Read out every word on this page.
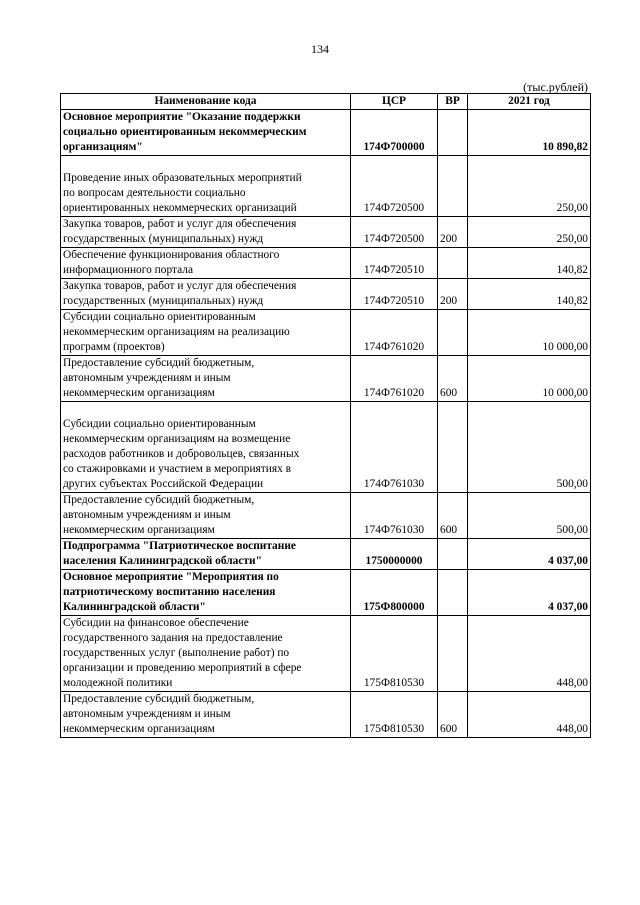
134
(тыс.рублей)
Наименование кода	ЦСР	ВР	2021 год

Основное мероприятие "Оказание поддержки
социально ориентированным некоммерческим
организациям"	174Ф700000		10 890,82

Проведение иных образовательных мероприятий
по вопросам деятельности социально
ориентированных некоммерческих организаций	174Ф720500		250,00

Закупка товаров, работ и услуг для обеспечения
государственных (муниципальных) нужд	174Ф720500	200	250,00

Обеспечение функционирования областного
информационного портала	174Ф720510		140,82

Закупка товаров, работ и услуг для обеспечения
государственных (муниципальных) нужд	174Ф720510	200	140,82

Субсидии социально ориентированным
некоммерческим организациям на реализацию
программ (проектов)	174Ф761020		10 000,00

Предоставление субсидий бюджетным,
автономным учреждениям и иным
некоммерческим организациям	174Ф761020	600	10 000,00

Субсидии социально ориентированным
некоммерческим организациям на возмещение
расходов работников и добровольцев, связанных
со стажировками и участием в мероприятиях в
других субъектах Российской Федерации	174Ф761030		500,00

Предоставление субсидий бюджетным,
автономным учреждениям и иным
некоммерческим организациям	174Ф761030	600	500,00

Подпрограмма "Патриотическое воспитание
населения Калининградской области"	1750000000		4 037,00

Основное мероприятие "Мероприятия по
патриотическому воспитанию населения
Калининградской области"	175Ф800000		4 037,00

Субсидии на финансовое обеспечение
государственного задания на предоставление
государственных услуг (выполнение работ) по
организации и проведению мероприятий в сфере
молодежной политики	175Ф810530		448,00

Предоставление субсидий бюджетным,
автономным учреждениям и иным
некоммерческим организациям	175Ф810530	600	448,00
